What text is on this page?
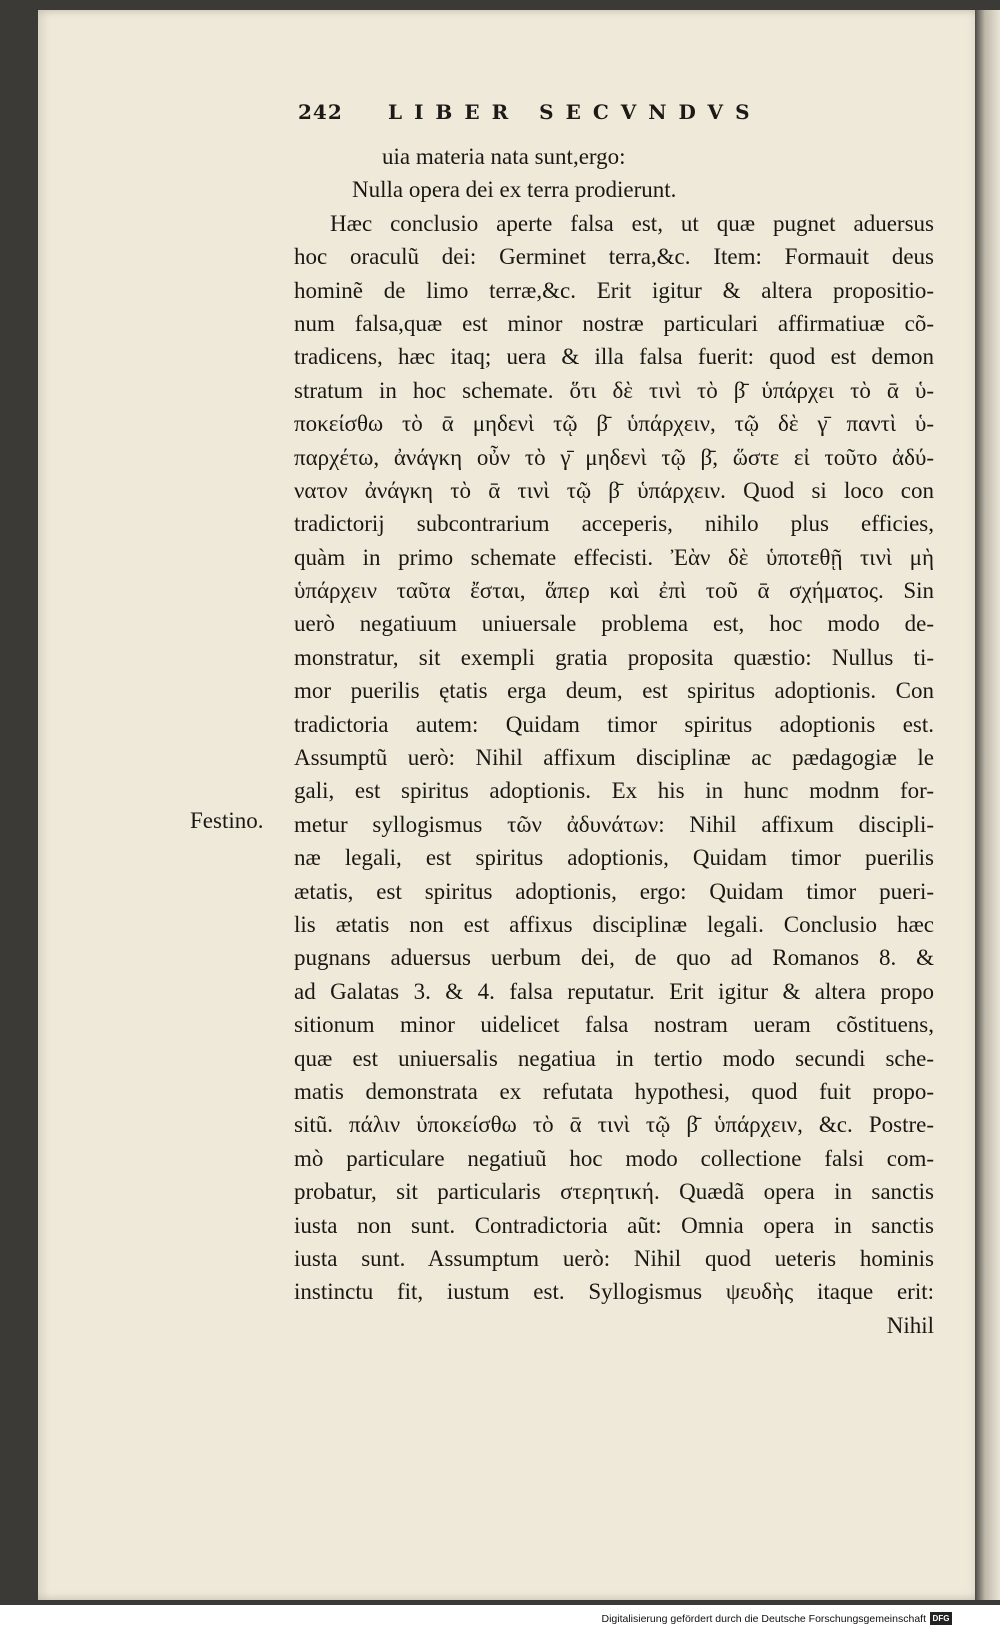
242 LIBER SECVNDVS
Festino.
uia materia nata sunt,ergo:
Nulla opera dei ex terra prodierunt.
Hæc conclusio aperte falsa est, ut quæ pugnet aduersus
hoc oraculũ dei: Germinet terra,&c. Item: Formauit deus
hominẽ de limo terræ,&c. Erit igitur & altera propositio-
num falsa,quæ est minor nostræ particulari affirmatiuæ cõ-
tradicens, hæc itaq; uera & illa falsa fuerit: quod est demon
stratum in hoc schemate. ὅτι δὲ τινὶ τὸ β̄ ὑπάρχει τὸ ᾱ ὑ-
ποκείσθω τὸ ᾱ μηδενὶ τῷ β̄ ὑπάρχειν, τῷ δὲ γ̄ παντὶ ὑ-
παρχέτω, ἀνάγκη οὖν τὸ γ̄ μηδενὶ τῷ β̄, ὥστε εἰ τοῦτο ἀδύ-
νατον ἀνάγκη τὸ ᾱ τινὶ τῷ β̄ ὑπάρχειν. Quod si loco con
tradictorij subcontrarium acceperis, nihilo plus efficies,
quàm in primo schemate effecisti. Ἐὰν δὲ ὑποτεθῇ τινὶ μὴ
ὑπάρχειν ταῦτα ἔσται, ἅπερ καὶ ἐπὶ τοῦ ᾱ σχήματος. Sin
uerò negatiuum uniuersale problema est, hoc modo de-
monstratur, sit exempli gratia proposita quæstio: Nullus ti-
mor puerilis ętatis erga deum, est spiritus adoptionis. Con
tradictoria autem: Quidam timor spiritus adoptionis est.
Assumptũ uerò: Nihil affixum disciplinæ ac pædagogiæ le
gali, est spiritus adoptionis. Ex his in hunc modnm for-
metur syllogismus τῶν ἀδυνάτων: Nihil affixum discipli-
næ legali, est spiritus adoptionis, Quidam timor puerilis
ætatis, est spiritus adoptionis, ergo: Quidam timor pueri-
lis ætatis non est affixus disciplinæ legali. Conclusio hæc
pugnans aduersus uerbum dei, de quo ad Romanos 8. &
ad Galatas 3. & 4. falsa reputatur. Erit igitur & altera propo
sitionum minor uidelicet falsa nostram ueram cõstituens,
quæ est uniuersalis negatiua in tertio modo secundi sche-
matis demonstrata ex refutata hypothesi, quod fuit propo-
sitũ. πάλιν ὑποκείσθω τὸ ᾱ τινὶ τῷ β̄ ὑπάρχειν, &c. Postre-
mò particulare negatiuũ hoc modo collectione falsi com-
probatur, sit particularis στερητική. Quædã opera in sanctis
iusta non sunt. Contradictoria aũt: Omnia opera in sanctis
iusta sunt. Assumptum uerò: Nihil quod ueteris hominis
instinctu fit, iustum est. Syllogismus ψευδὴς itaque erit:
Nihil
Digitalisierung gefördert durch die Deutsche Forschungsgemeinschaft DFG
